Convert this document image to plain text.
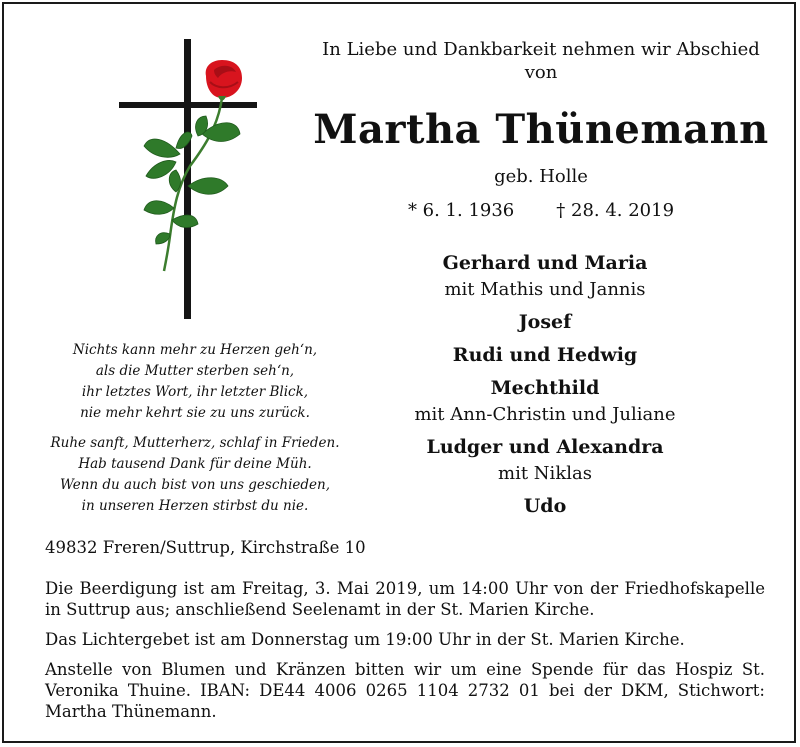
In Liebe und Dankbarkeit nehmen wir Abschied
von
Martha Thünemann
geb. Holle
* 6. 1. 1936 † 28. 4. 2019
Gerhard und Maria
mit Mathis und Jannis
Josef
Rudi und Hedwig
Mechthild
mit Ann-Christin und Juliane
Ludger und Alexandra
mit Niklas
Udo
Nichts kann mehr zu Herzen geh‘n,
als die Mutter sterben seh‘n,
ihr letztes Wort, ihr letzter Blick,
nie mehr kehrt sie zu uns zurück.
Ruhe sanft, Mutterherz, schlaf in Frieden.
Hab tausend Dank für deine Müh.
Wenn du auch bist von uns geschieden,
in unseren Herzen stirbst du nie.
49832 Freren/Suttrup, Kirchstraße 10
Die Beerdigung ist am Freitag, 3. Mai 2019, um 14:00 Uhr von der Friedhofskapelle in Suttrup aus; anschließend Seelenamt in der St. Marien Kirche.
Das Lichtergebet ist am Donnerstag um 19:00 Uhr in der St. Marien Kirche.
Anstelle von Blumen und Kränzen bitten wir um eine Spende für das Hospiz St. Veronika Thuine. IBAN: DE44 4006 0265 1104 2732 01 bei der DKM, Stichwort: Martha Thünemann.
